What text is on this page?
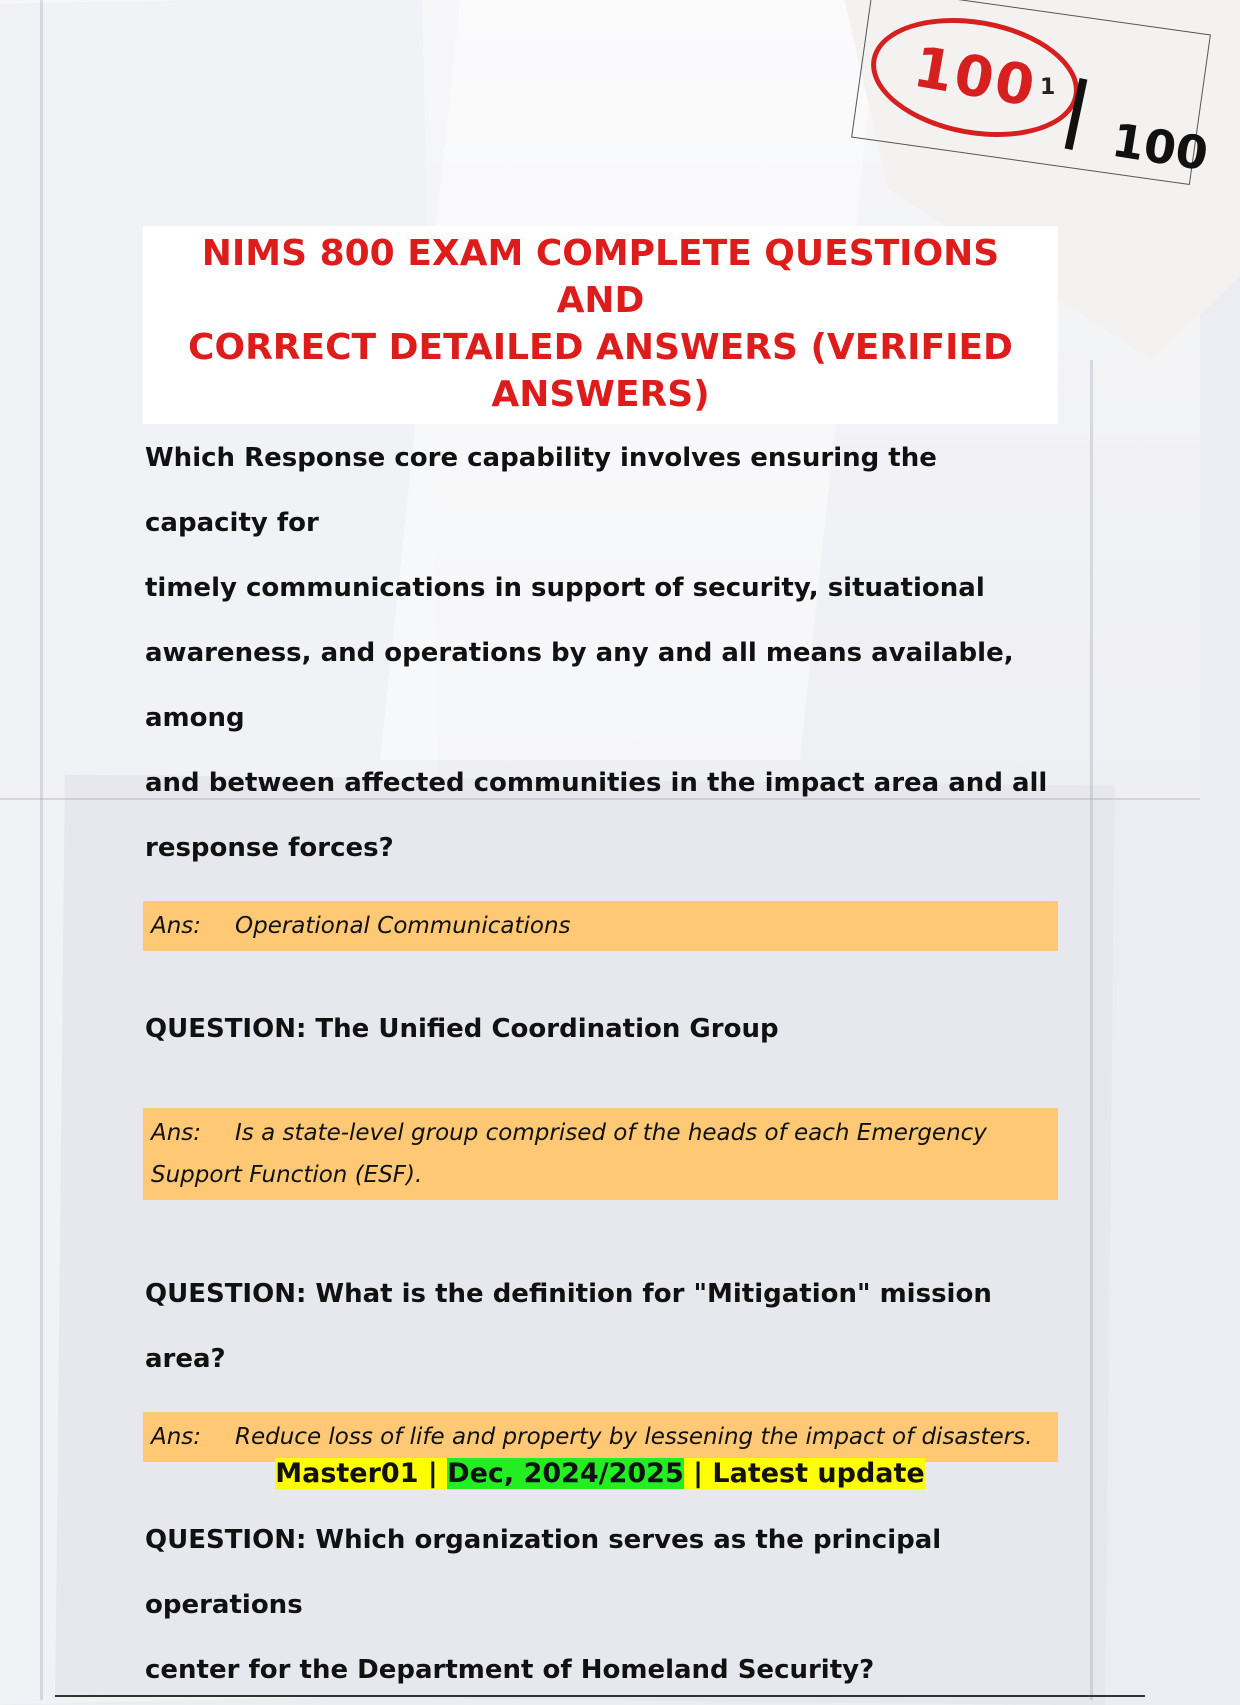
100
1
100
NIMS 800 EXAM COMPLETE QUESTIONS AND
CORRECT DETAILED ANSWERS (VERIFIED
ANSWERS)

Which Response core capability involves ensuring the capacity for

timely communications in support of security, situational

awareness, and operations by any and all means available, among

and between affected communities in the impact area and all

response forces?

Ans: Operational Communications
QUESTION: The Unified Coordination Group
Ans: Is a state-level group comprised of the heads of each Emergency Support Function (ESF).
QUESTION: What is the definition for "Mitigation" mission area?
Ans: Reduce loss of life and property by lessening the impact of disasters.

QUESTION: Which organization serves as the principal operations

center for the Department of Homeland Security?

Master01 | Dec, 2024/2025 | Latest update
